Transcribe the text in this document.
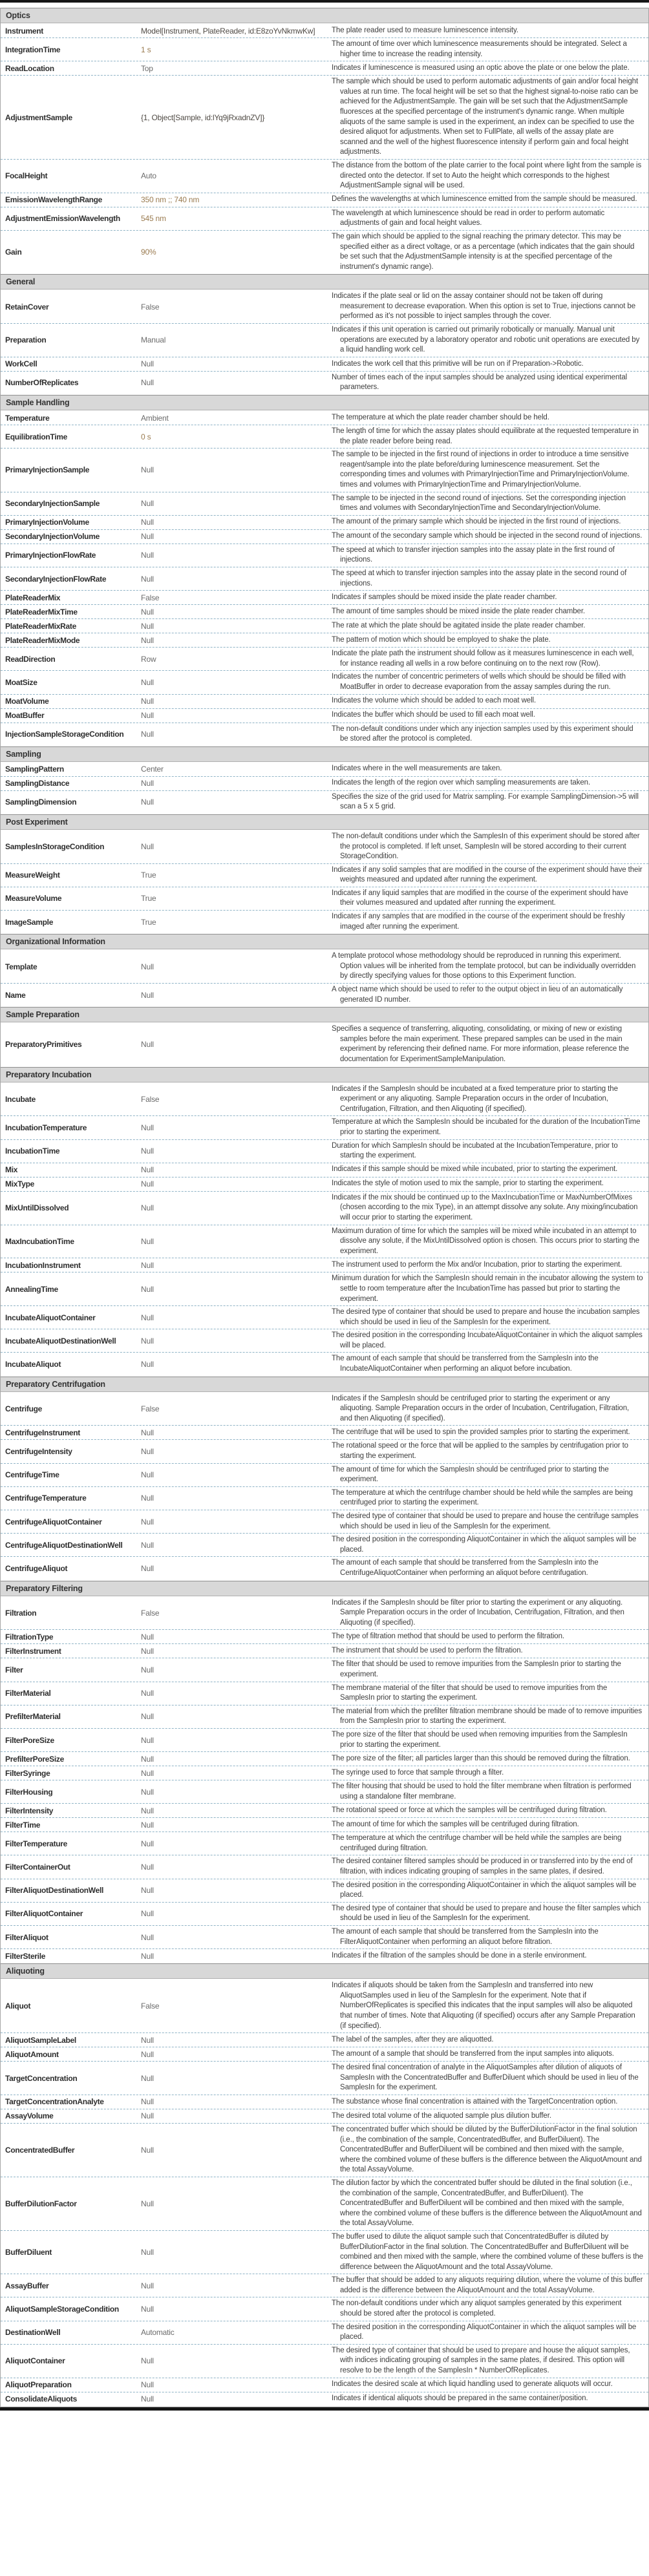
Optics
Instrument	Model[Instrument, PlateReader, id:E8zoYvNkmwKw]	The plate reader used to measure luminescence intensity.
IntegrationTime	1 s
The amount of time over which luminescence measurements should be integrated. Select a higher time to increase the reading intensity.
ReadLocation	Top	Indicates if luminescence is measured using an optic above the plate or one below the plate.
AdjustmentSample	{1, Object[Sample, id:lYq9jRxadnZV]}
The sample which should be used to perform automatic adjustments of gain and/or focal height values at run time. The focal height will be set so that the highest signal-to-noise ratio can be achieved for the AdjustmentSample. The gain will be set such that the AdjustmentSample fluoresces at the specified percentage of the instrument's dynamic range. When multiple aliquots of the same sample is used in the experiment, an index can be specified to use the desired aliquot for adjustments. When set to FullPlate, all wells of the assay plate are scanned and the well of the highest fluorescence intensity if perform gain and focal height adjustments.
FocalHeight	Auto
The distance from the bottom of the plate carrier to the focal point where light from the sample is directed onto the detector. If set to Auto the height which corresponds to the highest AdjustmentSample signal will be used.
EmissionWavelengthRange	350 nm ;; 740 nm	Defines the wavelengths at which luminescence emitted from the sample should be measured.
AdjustmentEmissionWavelength	545 nm
The wavelength at which luminescence should be read in order to perform automatic adjustments of gain and focal height values.
Gain	90%
The gain which should be applied to the signal reaching the primary detector. This may be specified either as a direct voltage, or as a percentage (which indicates that the gain should be set such that the AdjustmentSample intensity is at the specified percentage of the instrument's dynamic range).
General
RetainCover	False
Indicates if the plate seal or lid on the assay container should not be taken off during measurement to decrease evaporation. When this option is set to True, injections cannot be performed as it's not possible to inject samples through the cover.
Preparation	Manual
Indicates if this unit operation is carried out primarily robotically or manually. Manual unit operations are executed by a laboratory operator and robotic unit operations are executed by a liquid handling work cell.
WorkCell	Null	Indicates the work cell that this primitive will be run on if Preparation->Robotic.
NumberOfReplicates	Null
Number of times each of the input samples should be analyzed using identical experimental parameters.
Sample Handling
Temperature	Ambient	The temperature at which the plate reader chamber should be held.
EquilibrationTime	0 s
The length of time for which the assay plates should equilibrate at the requested temperature in the plate reader before being read.
PrimaryInjectionSample	Null
The sample to be injected in the first round of injections in order to introduce a time sensitive reagent/sample into the plate before/during luminescence measurement. Set the corresponding times and volumes with PrimaryInjectionTime and PrimaryInjectionVolume. times and volumes with PrimaryInjectionTime and PrimaryInjectionVolume.
SecondaryInjectionSample	Null
The sample to be injected in the second round of injections. Set the corresponding injection times and volumes with SecondaryInjectionTime and SecondaryInjectionVolume.
PrimaryInjectionVolume	Null	The amount of the primary sample which should be injected in the first round of injections.
SecondaryInjectionVolume	Null	The amount of the secondary sample which should be injected in the second round of injections.
PrimaryInjectionFlowRate	Null
The speed at which to transfer injection samples into the assay plate in the first round of injections.
SecondaryInjectionFlowRate	Null
The speed at which to transfer injection samples into the assay plate in the second round of injections.
PlateReaderMix	False	Indicates if samples should be mixed inside the plate reader chamber.
PlateReaderMixTime	Null	The amount of time samples should be mixed inside the plate reader chamber.
PlateReaderMixRate	Null	The rate at which the plate should be agitated inside the plate reader chamber.
PlateReaderMixMode	Null	The pattern of motion which should be employed to shake the plate.
ReadDirection	Row
Indicate the plate path the instrument should follow as it measures luminescence in each well, for instance reading all wells in a row before continuing on to the next row (Row).
MoatSize	Null
Indicates the number of concentric perimeters of wells which should be should be filled with MoatBuffer in order to decrease evaporation from the assay samples during the run.
MoatVolume	Null	Indicates the volume which should be added to each moat well.
MoatBuffer	Null	Indicates the buffer which should be used to fill each moat well.
InjectionSampleStorageCondition	Null
The non-default conditions under which any injection samples used by this experiment should be stored after the protocol is completed.
Sampling
SamplingPattern	Center	Indicates where in the well measurements are taken.
SamplingDistance	Null	Indicates the length of the region over which sampling measurements are taken.
SamplingDimension	Null
Specifies the size of the grid used for Matrix sampling. For example SamplingDimension->5 will scan a 5 x 5 grid.
Post Experiment
SamplesInStorageCondition	Null
The non-default conditions under which the SamplesIn of this experiment should be stored after the protocol is completed. If left unset, SamplesIn will be stored according to their current StorageCondition.
MeasureWeight	True
Indicates if any solid samples that are modified in the course of the experiment should have their weights measured and updated after running the experiment.
MeasureVolume	True
Indicates if any liquid samples that are modified in the course of the experiment should have their volumes measured and updated after running the experiment.
ImageSample	True
Indicates if any samples that are modified in the course of the experiment should be freshly imaged after running the experiment.
Organizational Information
Template	Null
A template protocol whose methodology should be reproduced in running this experiment. Option values will be inherited from the template protocol, but can be individually overridden by directly specifying values for those options to this Experiment function.
Name	Null
A object name which should be used to refer to the output object in lieu of an automatically generated ID number.
Sample Preparation
PreparatoryPrimitives	Null
Specifies a sequence of transferring, aliquoting, consolidating, or mixing of new or existing samples before the main experiment. These prepared samples can be used in the main experiment by referencing their defined name. For more information, please reference the documentation for ExperimentSampleManipulation.
Preparatory Incubation
Incubate	False
Indicates if the SamplesIn should be incubated at a fixed temperature prior to starting the experiment or any aliquoting. Sample Preparation occurs in the order of Incubation, Centrifugation, Filtration, and then Aliquoting (if specified).
IncubationTemperature	Null
Temperature at which the SamplesIn should be incubated for the duration of the IncubationTime prior to starting the experiment.
IncubationTime	Null
Duration for which SamplesIn should be incubated at the IncubationTemperature, prior to starting the experiment.
Mix	Null	Indicates if this sample should be mixed while incubated, prior to starting the experiment.
MixType	Null	Indicates the style of motion used to mix the sample, prior to starting the experiment.
MixUntilDissolved	Null
Indicates if the mix should be continued up to the MaxIncubationTime or MaxNumberOfMixes (chosen according to the mix Type), in an attempt dissolve any solute. Any mixing/incubation will occur prior to starting the experiment.
MaxIncubationTime	Null
Maximum duration of time for which the samples will be mixed while incubated in an attempt to dissolve any solute, if the MixUntilDissolved option is chosen. This occurs prior to starting the experiment.
IncubationInstrument	Null	The instrument used to perform the Mix and/or Incubation, prior to starting the experiment.
AnnealingTime	Null
Minimum duration for which the SamplesIn should remain in the incubator allowing the system to settle to room temperature after the IncubationTime has passed but prior to starting the experiment.
IncubateAliquotContainer	Null
The desired type of container that should be used to prepare and house the incubation samples which should be used in lieu of the SamplesIn for the experiment.
IncubateAliquotDestinationWell	Null
The desired position in the corresponding IncubateAliquotContainer in which the aliquot samples will be placed.
IncubateAliquot	Null
The amount of each sample that should be transferred from the SamplesIn into the IncubateAliquotContainer when performing an aliquot before incubation.
Preparatory Centrifugation
Centrifuge	False
Indicates if the SamplesIn should be centrifuged prior to starting the experiment or any aliquoting. Sample Preparation occurs in the order of Incubation, Centrifugation, Filtration, and then Aliquoting (if specified).
CentrifugeInstrument	Null	The centrifuge that will be used to spin the provided samples prior to starting the experiment.
CentrifugeIntensity	Null
The rotational speed or the force that will be applied to the samples by centrifugation prior to starting the experiment.
CentrifugeTime	Null
The amount of time for which the SamplesIn should be centrifuged prior to starting the experiment.
CentrifugeTemperature	Null
The temperature at which the centrifuge chamber should be held while the samples are being centrifuged prior to starting the experiment.
CentrifugeAliquotContainer	Null
The desired type of container that should be used to prepare and house the centrifuge samples which should be used in lieu of the SamplesIn for the experiment.
CentrifugeAliquotDestinationWell	Null
The desired position in the corresponding AliquotContainer in which the aliquot samples will be placed.
CentrifugeAliquot	Null
The amount of each sample that should be transferred from the SamplesIn into the CentrifugeAliquotContainer when performing an aliquot before centrifugation.
Preparatory Filtering
Filtration	False
Indicates if the SamplesIn should be filter prior to starting the experiment or any aliquoting. Sample Preparation occurs in the order of Incubation, Centrifugation, Filtration, and then Aliquoting (if specified).
FiltrationType	Null	The type of filtration method that should be used to perform the filtration.
FilterInstrument	Null	The instrument that should be used to perform the filtration.
Filter	Null
The filter that should be used to remove impurities from the SamplesIn prior to starting the experiment.
FilterMaterial	Null
The membrane material of the filter that should be used to remove impurities from the SamplesIn prior to starting the experiment.
PrefilterMaterial	Null
The material from which the prefilter filtration membrane should be made of to remove impurities from the SamplesIn prior to starting the experiment.
FilterPoreSize	Null
The pore size of the filter that should be used when removing impurities from the SamplesIn prior to starting the experiment.
PrefilterPoreSize	Null	The pore size of the filter; all particles larger than this should be removed during the filtration.
FilterSyringe	Null	The syringe used to force that sample through a filter.
FilterHousing	Null
The filter housing that should be used to hold the filter membrane when filtration is performed using a standalone filter membrane.
FilterIntensity	Null	The rotational speed or force at which the samples will be centrifuged during filtration.
FilterTime	Null	The amount of time for which the samples will be centrifuged during filtration.
FilterTemperature	Null
The temperature at which the centrifuge chamber will be held while the samples are being centrifuged during filtration.
FilterContainerOut	Null
The desired container filtered samples should be produced in or transferred into by the end of filtration, with indices indicating grouping of samples in the same plates, if desired.
FilterAliquotDestinationWell	Null
The desired position in the corresponding AliquotContainer in which the aliquot samples will be placed.
FilterAliquotContainer	Null
The desired type of container that should be used to prepare and house the filter samples which should be used in lieu of the SamplesIn for the experiment.
FilterAliquot	Null
The amount of each sample that should be transferred from the SamplesIn into the FilterAliquotContainer when performing an aliquot before filtration.
FilterSterile	Null	Indicates if the filtration of the samples should be done in a sterile environment.
Aliquoting
Aliquot	False
Indicates if aliquots should be taken from the SamplesIn and transferred into new AliquotSamples used in lieu of the SamplesIn for the experiment. Note that if NumberOfReplicates is specified this indicates that the input samples will also be aliquoted that number of times. Note that Aliquoting (if specified) occurs after any Sample Preparation (if specified).
AliquotSampleLabel	Null	The label of the samples, after they are aliquotted.
AliquotAmount	Null	The amount of a sample that should be transferred from the input samples into aliquots.
TargetConcentration	Null
The desired final concentration of analyte in the AliquotSamples after dilution of aliquots of SamplesIn with the ConcentratedBuffer and BufferDiluent which should be used in lieu of the SamplesIn for the experiment.
TargetConcentrationAnalyte	Null	The substance whose final concentration is attained with the TargetConcentration option.
AssayVolume	Null	The desired total volume of the aliquoted sample plus dilution buffer.
ConcentratedBuffer	Null
The concentrated buffer which should be diluted by the BufferDilutionFactor in the final solution (i.e., the combination of the sample, ConcentratedBuffer, and BufferDiluent). The ConcentratedBuffer and BufferDiluent will be combined and then mixed with the sample, where the combined volume of these buffers is the difference between the AliquotAmount and the total AssayVolume.
BufferDilutionFactor	Null
The dilution factor by which the concentrated buffer should be diluted in the final solution (i.e., the combination of the sample, ConcentratedBuffer, and BufferDiluent). The ConcentratedBuffer and BufferDiluent will be combined and then mixed with the sample, where the combined volume of these buffers is the difference between the AliquotAmount and the total AssayVolume.
BufferDiluent	Null
The buffer used to dilute the aliquot sample such that ConcentratedBuffer is diluted by BufferDilutionFactor in the final solution. The ConcentratedBuffer and BufferDiluent will be combined and then mixed with the sample, where the combined volume of these buffers is the difference between the AliquotAmount and the total AssayVolume.
AssayBuffer	Null
The buffer that should be added to any aliquots requiring dilution, where the volume of this buffer added is the difference between the AliquotAmount and the total AssayVolume.
AliquotSampleStorageCondition	Null
The non-default conditions under which any aliquot samples generated by this experiment should be stored after the protocol is completed.
DestinationWell	Automatic
The desired position in the corresponding AliquotContainer in which the aliquot samples will be placed.
AliquotContainer	Null
The desired type of container that should be used to prepare and house the aliquot samples, with indices indicating grouping of samples in the same plates, if desired. This option will resolve to be the length of the SamplesIn * NumberOfReplicates.
AliquotPreparation	Null	Indicates the desired scale at which liquid handling used to generate aliquots will occur.
ConsolidateAliquots	Null	Indicates if identical aliquots should be prepared in the same container/position.
